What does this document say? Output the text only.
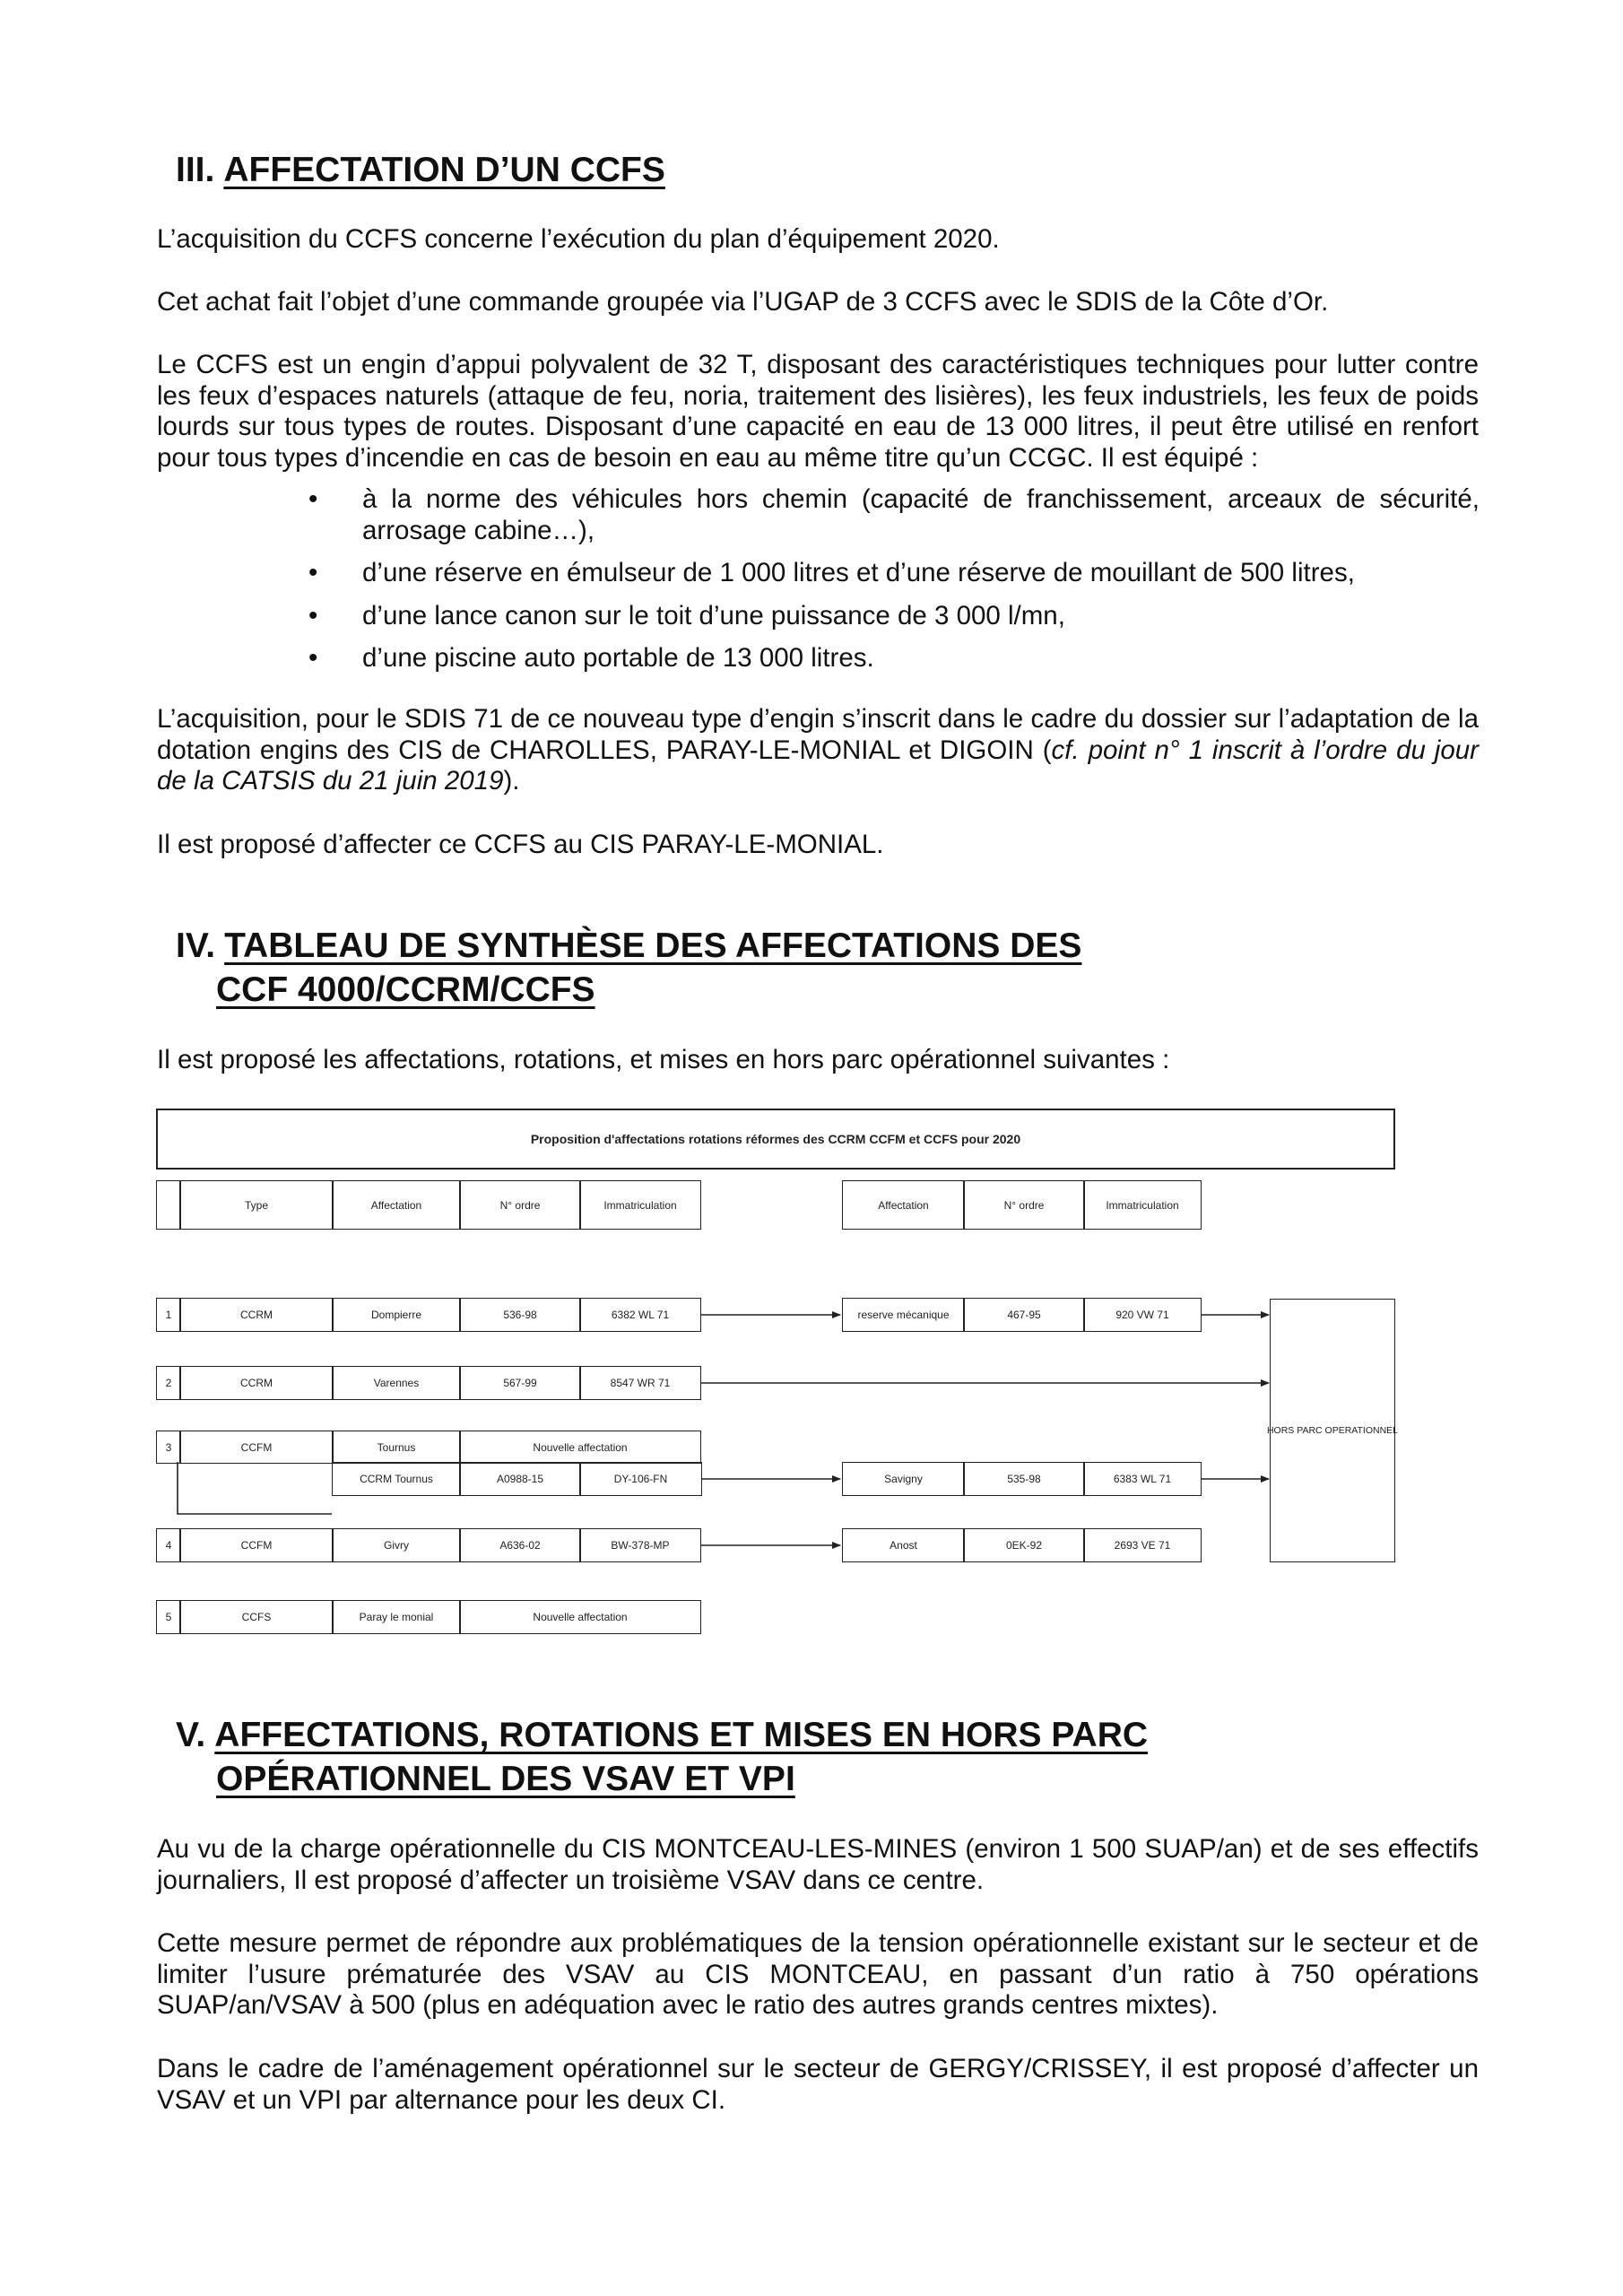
III. AFFECTATION D’UN CCFS

L’acquisition du CCFS concerne l’exécution du plan d’équipement 2020.

Cet achat fait l’objet d’une commande groupée via l’UGAP de 3 CCFS avec le SDIS de la Côte d’Or.

Le CCFS est un engin d’appui polyvalent de 32 T, disposant des caractéristiques techniques pour lutter contre les feux d’espaces naturels (attaque de feu, noria, traitement des lisières), les feux industriels, les feux de poids lourds sur tous types de routes. Disposant d’une capacité en eau de 13 000 litres, il peut être utilisé en renfort pour tous types d’incendie en cas de besoin en eau au même titre qu’un CCGC. Il est équipé :

• à la norme des véhicules hors chemin (capacité de franchissement, arceaux de sécurité, arrosage cabine…),
• d’une réserve en émulseur de 1 000 litres et d’une réserve de mouillant de 500 litres,
• d’une lance canon sur le toit d’une puissance de 3 000 l/mn,
• d’une piscine auto portable de 13 000 litres.

L’acquisition, pour le SDIS 71 de ce nouveau type d’engin s’inscrit dans le cadre du dossier sur l’adaptation de la dotation engins des CIS de CHAROLLES, PARAY-LE-MONIAL et DIGOIN (cf. point n° 1 inscrit à l’ordre du jour de la CATSIS du 21 juin 2019).

Il est proposé d’affecter ce CCFS au CIS PARAY-LE-MONIAL.

IV. TABLEAU DE SYNTHÈSE DES AFFECTATIONS DES
CCF 4000/CCRM/CCFS

Il est proposé les affectations, rotations, et mises en hors parc opérationnel suivantes :

Proposition d'affectations rotations réformes des CCRM CCFM et CCFS pour 2020
Type	Affectation	N° ordre	Immatriculation	Affectation	N° ordre	Immatriculation
HORS PARC OPERATIONNEL
1	CCRM	Dompierre	536-98	6382 WL 71	reserve mécanique	467-95	920 VW 71
2	CCRM	Varennes	567-99	8547 WR 71
3	CCFM	Tournus	Nouvelle affectation
CCRM Tournus	A0988-15	DY-106-FN	Savigny	535-98	6383 WL 71
4	CCFM	Givry	A636-02	BW-378-MP	Anost	0EK-92	2693 VE 71
5	CCFS	Paray le monial	Nouvelle affectation
V. AFFECTATIONS, ROTATIONS ET MISES EN HORS PARC
OPÉRATIONNEL DES VSAV ET VPI

Au vu de la charge opérationnelle du CIS MONTCEAU-LES-MINES (environ 1 500 SUAP/an) et de ses effectifs journaliers, Il est proposé d’affecter un troisième VSAV dans ce centre.

Cette mesure permet de répondre aux problématiques de la tension opérationnelle existant sur le secteur et de limiter l’usure prématurée des VSAV au CIS MONTCEAU, en passant d’un ratio à 750 opérations SUAP/an/VSAV à 500 (plus en adéquation avec le ratio des autres grands centres mixtes).

Dans le cadre de l’aménagement opérationnel sur le secteur de GERGY/CRISSEY, il est proposé d’affecter un VSAV et un VPI par alternance pour les deux CI.
